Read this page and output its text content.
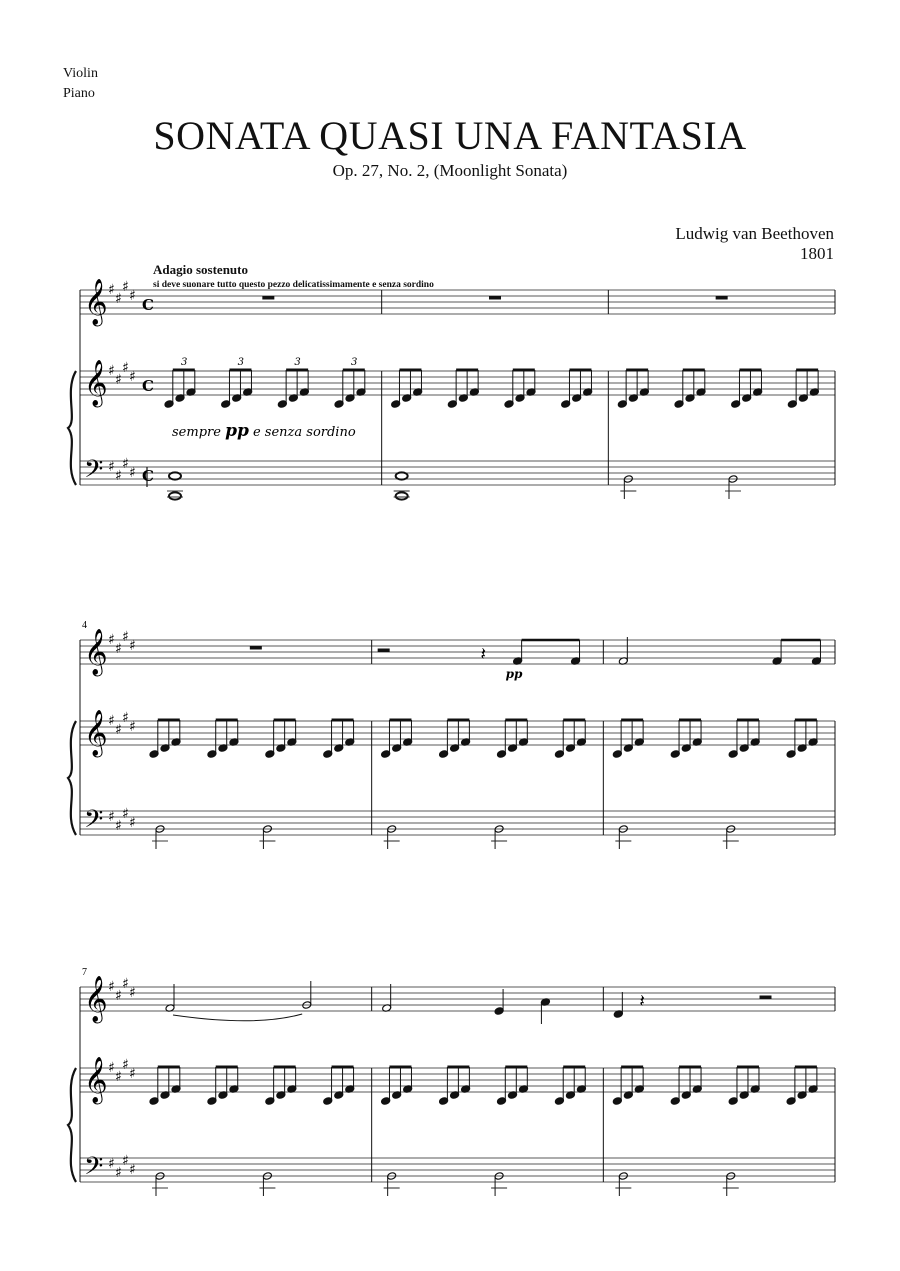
Violin
Piano
SONATA QUASI UNA FANTASIA
Op. 27, No. 2, (Moonlight Sonata)
Ludwig van Beethoven
1801
Adagio sostenuto
si deve suonare tutto questo pezzo delicatissimamente e senza sordino
𝄞
𝄞
𝄢
♯
♯
♯
♯
♯
♯
♯
♯
♯
♯
♯
♯
C
C
C
3	3	3	3
sempre pp e senza sordino
𝄞
𝄞
𝄢
♯
♯
♯
♯
♯
♯
♯
♯
♯
♯
♯
♯
4
𝄽
pp
𝄞
𝄞
𝄢
♯
♯
♯
♯
♯
♯
♯
♯
♯
♯
♯
♯
7
𝄽
